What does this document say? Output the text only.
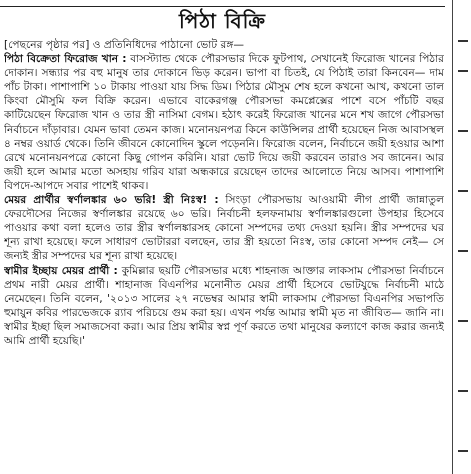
পিঠা বিক্রি

[পেছনের পৃষ্ঠার পর] ও প্রতিনিধিদের পাঠানো ভোট রঙ্গ—

পিঠা বিক্রেতা ফিরোজ খান : বাসস্ট্যান্ড থেকে পৌরসভার দিকে ফুটপাথ, সেখানেই ফিরোজ খানের পিঠার দোকান। সন্ধ্যার পর বহু মানুষ তার দোকানে ভিড় করেন। ভাপা বা চিতই, যে পিঠাই তারা কিনবেন— দাম পাঁচ টাকা। পাশাপাশি ১০ টাকায় পাওয়া যায় সিদ্ধ ডিম। পিঠার মৌসুম শেষ হলে কখনো আখ, কখনো তাল কিংবা মৌসুমি ফল বিক্রি করেন। এভাবে বাকেরগঞ্জ পৌরসভা কমপ্লেক্সের পাশে বসে পাঁচটি বছর কাটিয়েছেন ফিরোজ খান ও তার স্ত্রী নাসিমা বেগম। হঠাৎ করেই ফিরোজ খানের মনে শখ জাগে পৌরসভা নির্বাচনে দাঁড়াবার। যেমন ভাবা তেমন কাজ। মনোনয়নপত্র কিনে কাউন্সিলর প্রার্থী হয়েছেন নিজ আবাসস্থল ৪ নম্বর ওয়ার্ড থেকে। তিনি জীবনে কোনোদিন স্কুলে পড়েননি। ফিরোজ বলেন, নির্বাচনে জয়ী হওয়ার আশা রেখে মনোনয়নপত্রে কোনো কিছু গোপন করিনি। যারা ভোট দিয়ে জয়ী করবেন তারাও সব জানেন। আর জয়ী হলে আমার মতো অসহায় গরিব যারা অন্ধকারে রয়েছেন তাদের আলোতে নিয়ে আসব। পাশাপাশি বিপদে-আপদে সবার পাশেই থাকব।

মেয়র প্রার্থীর স্বর্ণালঙ্কার ৬০ ভরি! স্ত্রী নিঃস্ব! : সিংড়া পৌরসভায় আওয়ামী লীগ প্রার্থী জান্নাতুল ফেরদৌসের নিজের স্বর্ণালঙ্কার রয়েছে ৬০ ভরি। নির্বাচনী হলফনামায় স্বর্ণালঙ্কারগুলো উপহার হিসেবে পাওয়ার কথা বলা হলেও তার স্ত্রীর স্বর্ণালঙ্কারসহ কোনো সম্পদের তথ্য দেওয়া হয়নি। স্ত্রীর সম্পদের ঘর শূন্য রাখা হয়েছে। ফলে সাধারণ ভোটাররা বলছেন, তার স্ত্রী হয়তো নিঃস্ব, তার কোনো সম্পদ নেই— সে জন্যই স্ত্রীর সম্পদের ঘর শূন্য রাখা হয়েছে।

স্বামীর ইচ্ছায় মেয়র প্রার্থী : কুমিল্লার ছয়টি পৌরসভার মধ্যে শাহনাজ আক্তার লাকসাম পৌরসভা নির্বাচনে প্রথম নারী মেয়র প্রার্থী। শাহানাজ বিএনপির মনোনীত মেয়র প্রার্থী হিসেবে ভোটযুদ্ধে নির্বাচনী মাঠে নেমেছেন। তিনি বলেন, '২০১৩ সালের ২৭ নভেম্বর আমার স্বামী লাকসাম পৌরসভা বিএনপির সভাপতি হুমায়ুন কবির পারভেজকে র‍্যাব পরিচয়ে গুম করা হয়। এখন পর্যন্ত আমার স্বামী মৃত না জীবিত— জানি না। স্বামীর ইচ্ছা ছিল সমাজসেবা করা। আর প্রিয় স্বামীর স্বপ্ন পূর্ণ করতে তথা মানুষের কল্যাণে কাজ করার জন্যই আমি প্রার্থী হয়েছি।'
